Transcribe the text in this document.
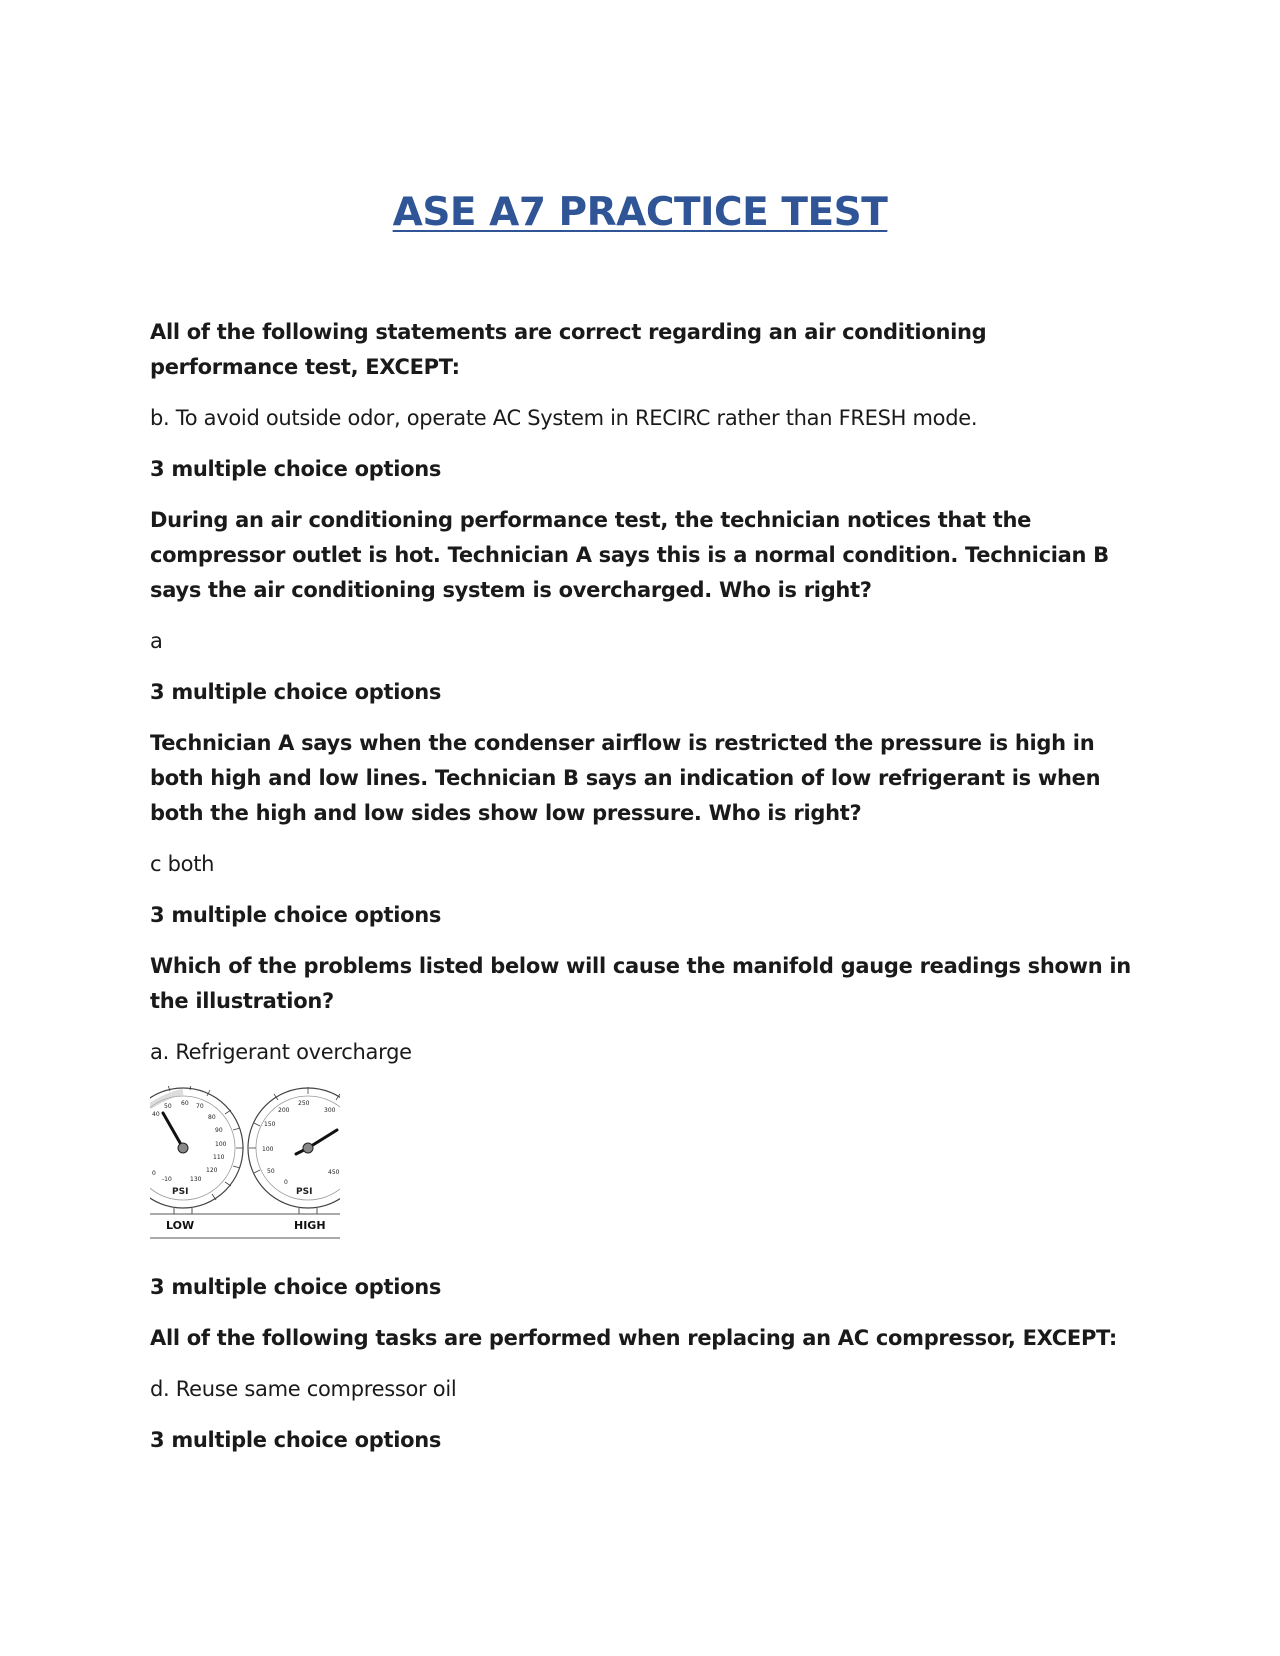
ASE A7 PRACTICE TEST

All of the following statements are correct regarding an air conditioning performance test, EXCEPT:

b. To avoid outside odor, operate AC System in RECIRC rather than FRESH mode.

3 multiple choice options

During an air conditioning performance test, the technician notices that the compressor outlet is hot. Technician A says this is a normal condition. Technician B says the air conditioning system is overcharged. Who is right?

a

3 multiple choice options

Technician A says when the condenser airflow is restricted the pressure is high in both high and low lines. Technician B says an indication of low refrigerant is when both the high and low sides show low pressure. Who is right?

c both

3 multiple choice options

Which of the problems listed below will cause the manifold gauge readings shown in the illustration?

a. Refrigerant overcharge

40
50 60 70
80
90
100
110
120
130
-10
0
PSI
150
200
250
300
100
50
0
450
PSI
LOW	HIGH

3 multiple choice options

All of the following tasks are performed when replacing an AC compressor, EXCEPT:

d. Reuse same compressor oil

3 multiple choice options
